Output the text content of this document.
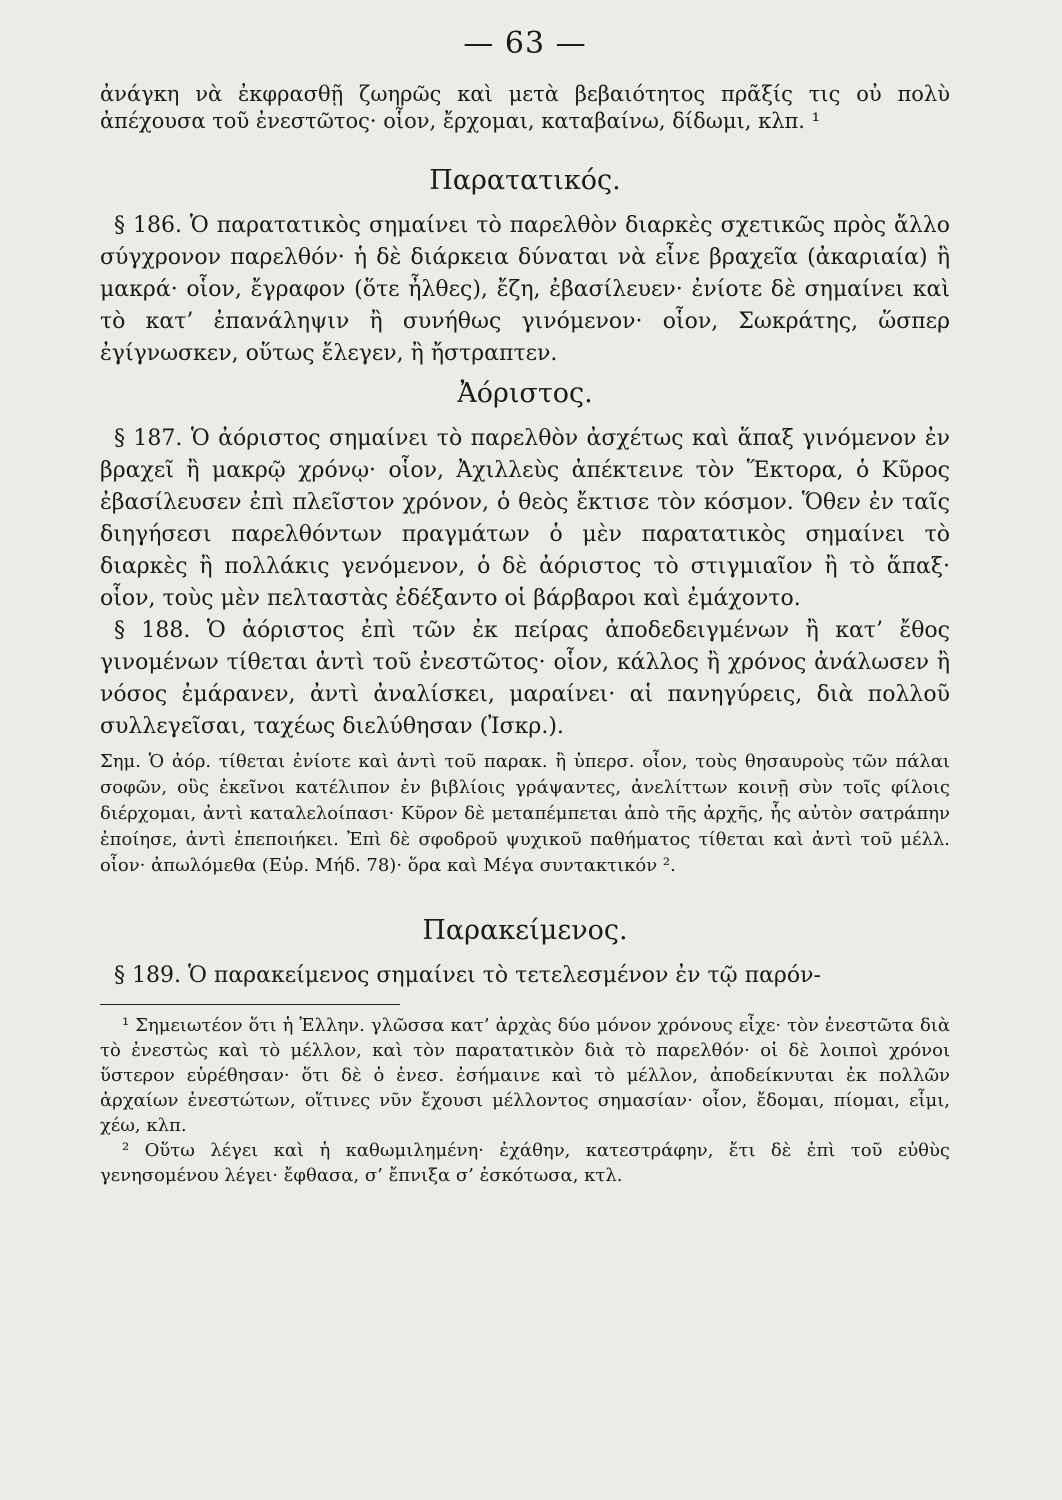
— 63 —

ἀνάγκη νὰ ἐκφρασθῇ ζωηρῶς καὶ μετὰ βεβαιότητος πρᾶξίς τις οὐ πολὺ ἀπέχουσα τοῦ ἐνεστῶτος· οἷον, ἔρχομαι, καταβαίνω, δίδωμι, κλπ. ¹

Παρατατικός.

§ 186. Ὁ παρατατικὸς σημαίνει τὸ παρελθὸν διαρκὲς σχετικῶς πρὸς ἄλλο σύγχρονον παρελθόν· ἡ δὲ διάρκεια δύναται νὰ εἶνε βραχεῖα (ἀκαριαία) ἢ μακρά· οἷον, ἔγραφον (ὅτε ἦλθες), ἔζη, ἐβασίλευεν· ἐνίοτε δὲ σημαίνει καὶ τὸ κατ’ ἐπανάληψιν ἢ συνήθως γινόμενον· οἷον, Σωκράτης, ὥσπερ ἐγίγνωσκεν, οὕτως ἔλεγεν, ἢ ἤστραπτεν.

Ἀόριστος.

§ 187. Ὁ ἀόριστος σημαίνει τὸ παρελθὸν ἀσχέτως καὶ ἅπαξ γινόμενον ἐν βραχεῖ ἢ μακρῷ χρόνῳ· οἷον, Ἀχιλλεὺς ἀπέκτεινε τὸν Ἕκτορα, ὁ Κῦρος ἐβασίλευσεν ἐπὶ πλεῖστον χρόνον, ὁ θεὸς ἔκτισε τὸν κόσμον. Ὅθεν ἐν ταῖς διηγήσεσι παρελθόντων πραγμάτων ὁ μὲν παρατατικὸς σημαίνει τὸ διαρκὲς ἢ πολλάκις γενόμενον, ὁ δὲ ἀόριστος τὸ στιγμιαῖον ἢ τὸ ἅπαξ· οἷον, τοὺς μὲν πελταστὰς ἐδέξαντο οἱ βάρβαροι καὶ ἐμάχοντο.

§ 188. Ὁ ἀόριστος ἐπὶ τῶν ἐκ πείρας ἀποδεδειγμένων ἢ κατ’ ἔθος γινομένων τίθεται ἀντὶ τοῦ ἐνεστῶτος· οἷον, κάλλος ἢ χρόνος ἀνάλωσεν ἢ νόσος ἐμάρανεν, ἀντὶ ἀναλίσκει, μαραίνει· αἱ πανηγύρεις, διὰ πολλοῦ συλλεγεῖσαι, ταχέως διελύθησαν (Ἰσκρ.).

Σημ. Ὁ ἀόρ. τίθεται ἐνίοτε καὶ ἀντὶ τοῦ παρακ. ἢ ὑπερσ. οἷον, τοὺς θησαυροὺς τῶν πάλαι σοφῶν, οὓς ἐκεῖνοι κατέλιπον ἐν βιβλίοις γράψαντες, ἀνελίττων κοινῇ σὺν τοῖς φίλοις διέρχομαι, ἀντὶ καταλελοίπασι· Κῦρον δὲ μεταπέμπεται ἀπὸ τῆς ἀρχῆς, ἧς αὐτὸν σατράπην ἐποίησε, ἀντὶ ἐπεποιήκει. Ἐπὶ δὲ σφοδροῦ ψυχικοῦ παθήματος τίθεται καὶ ἀντὶ τοῦ μέλλ. οἷον· ἀπωλόμεθα (Εὐρ. Μήδ. 78)· ὅρα καὶ Μέγα συντακτικόν ².

Παρακείμενος.

§ 189. Ὁ παρακείμενος σημαίνει τὸ τετελεσμένον ἐν τῷ παρόν-

¹ Σημειωτέον ὅτι ἡ Ἑλλην. γλῶσσα κατ’ ἀρχὰς δύο μόνον χρόνους εἶχε· τὸν ἐνεστῶτα διὰ τὸ ἐνεστὼς καὶ τὸ μέλλον, καὶ τὸν παρατατικὸν διὰ τὸ παρελθόν· οἱ δὲ λοιποὶ χρόνοι ὕστερον εὑρέθησαν· ὅτι δὲ ὁ ἐνεσ. ἐσήμαινε καὶ τὸ μέλλον, ἀποδείκνυται ἐκ πολλῶν ἀρχαίων ἐνεστώτων, οἵτινες νῦν ἔχουσι μέλλοντος σημασίαν· οἷον, ἔδομαι, πίομαι, εἶμι, χέω, κλπ.

² Οὕτω λέγει καὶ ἡ καθωμιλημένη· ἐχάθην, κατεστράφην, ἔτι δὲ ἐπὶ τοῦ εὐθὺς γενησομένου λέγει· ἔφθασα, σ’ ἔπνιξα σ’ ἐσκότωσα, κτλ.
